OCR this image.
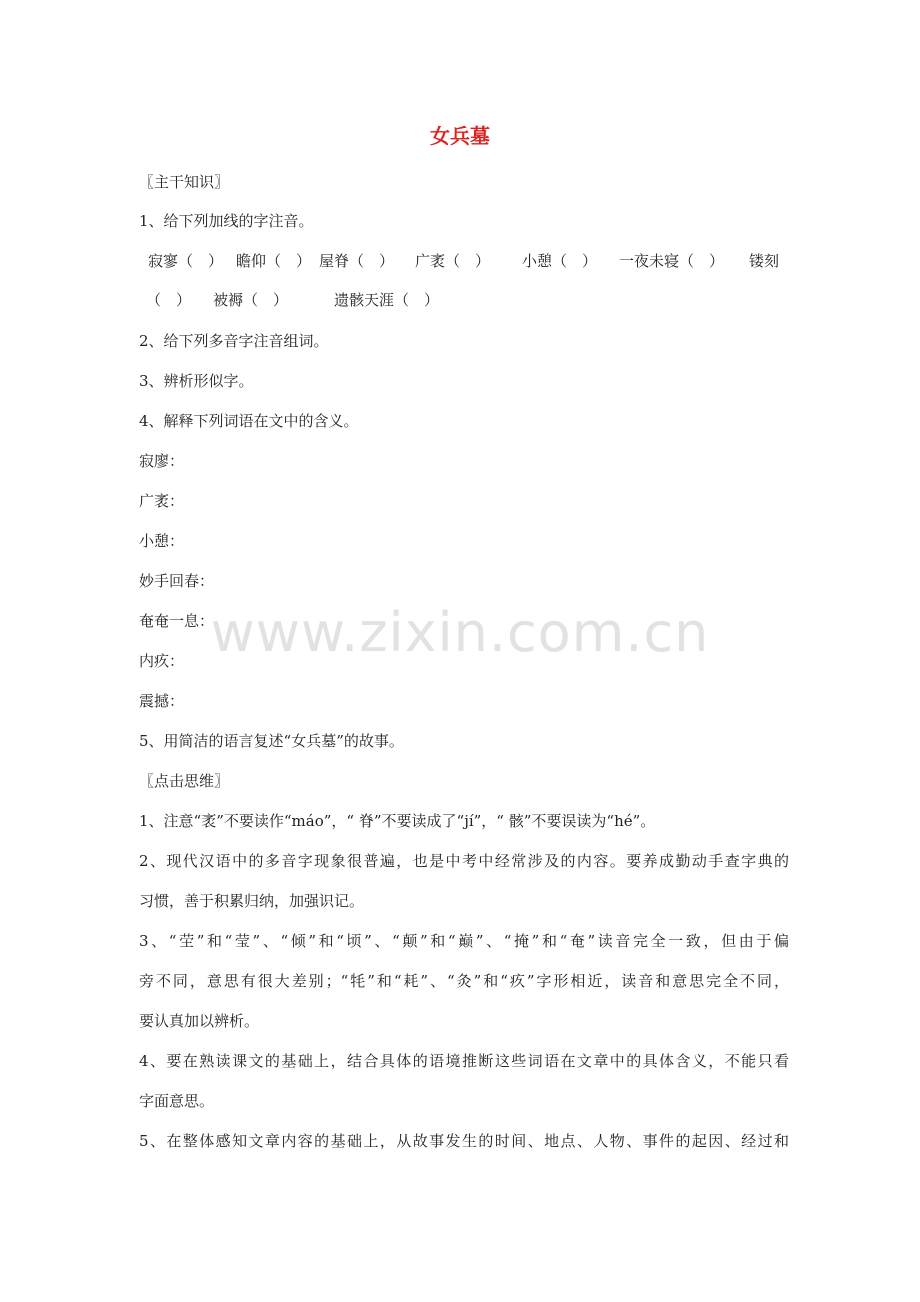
女兵墓
〖主干知识〗
1、给下列加线的字注音。
寂寥（　） 瞻仰（　） 屋脊（　） 广袤（　） 小憩（　） 一夜未寝（　） 镂刻
（　） 被褥（　）	遗骸天涯（　）
2、给下列多音字注音组词。
3、辨析形似字。
4、解释下列词语在文中的含义。
寂廖：
广袤：
小憩：
妙手回春：
奄奄一息：
内疚：
震撼：
5、用简洁的语言复述“女兵墓”的故事。
〖点击思维〗
1、注意“袤”不要读作“máo”，“ 脊”不要读成了“jí”，“ 骸”不要误读为“hé”。
2、现代汉语中的多音字现象很普遍，也是中考中经常涉及的内容。要养成勤动手查字典的
习惯，善于积累归纳，加强识记。
3、“茔”和“莹”、“倾”和“顷”、“颠”和“巅”、“掩”和“奄”读音完全一致，但由于偏
旁不同，意思有很大差别；“牦”和“耗”、“灸”和“疚”字形相近，读音和意思完全不同，
要认真加以辨析。
4、要在熟读课文的基础上，结合具体的语境推断这些词语在文章中的具体含义，不能只看
字面意思。
5、在整体感知文章内容的基础上，从故事发生的时间、地点、人物、事件的起因、经过和
www.zixin.com.cn
